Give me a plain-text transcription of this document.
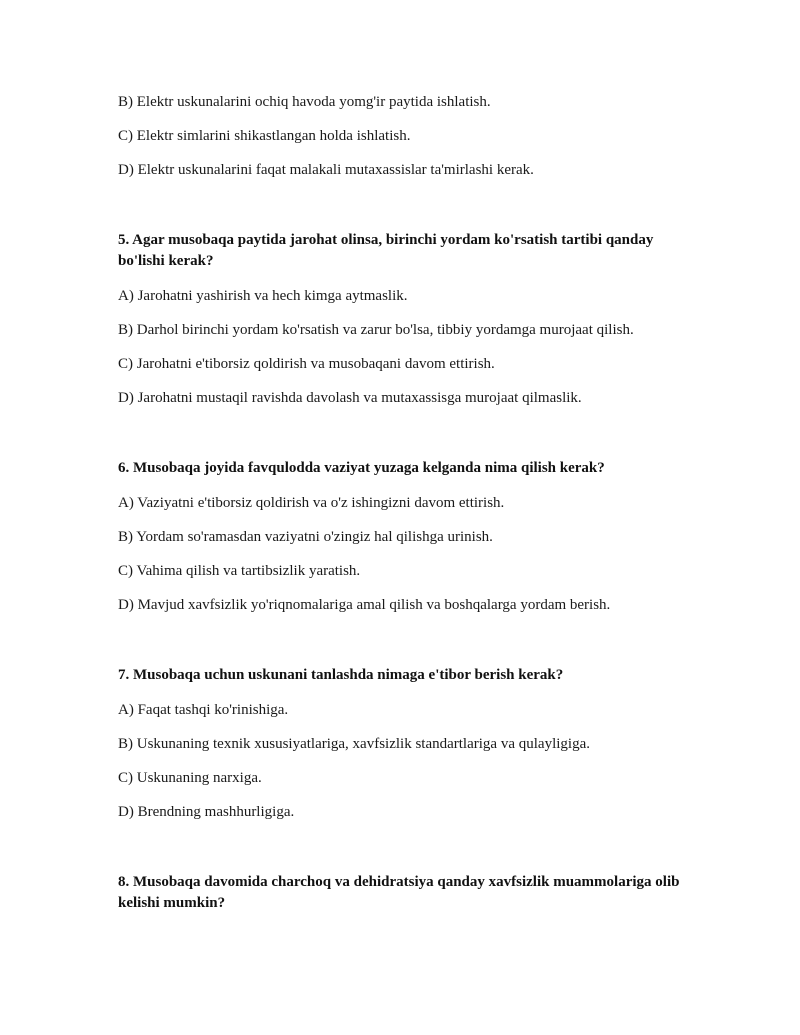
B) Elektr uskunalarini ochiq havoda yomg'ir paytida ishlatish.

C) Elektr simlarini shikastlangan holda ishlatish.

D) Elektr uskunalarini faqat malakali mutaxassislar ta'mirlashi kerak.

5. Agar musobaqa paytida jarohat olinsa, birinchi yordam ko'rsatish tartibi qanday bo'lishi kerak?

A) Jarohatni yashirish va hech kimga aytmaslik.

B) Darhol birinchi yordam ko'rsatish va zarur bo'lsa, tibbiy yordamga murojaat qilish.

C) Jarohatni e'tiborsiz qoldirish va musobaqani davom ettirish.

D) Jarohatni mustaqil ravishda davolash va mutaxassisga murojaat qilmaslik.

6. Musobaqa joyida favqulodda vaziyat yuzaga kelganda nima qilish kerak?

A) Vaziyatni e'tiborsiz qoldirish va o'z ishingizni davom ettirish.

B) Yordam so'ramasdan vaziyatni o'zingiz hal qilishga urinish.

C) Vahima qilish va tartibsizlik yaratish.

D) Mavjud xavfsizlik yo'riqnomalariga amal qilish va boshqalarga yordam berish.

7. Musobaqa uchun uskunani tanlashda nimaga e'tibor berish kerak?

A) Faqat tashqi ko'rinishiga.

B) Uskunaning texnik xususiyatlariga, xavfsizlik standartlariga va qulayligiga.

C) Uskunaning narxiga.

D) Brendning mashhurligiga.

8. Musobaqa davomida charchoq va dehidratsiya qanday xavfsizlik muammolariga olib kelishi mumkin?
